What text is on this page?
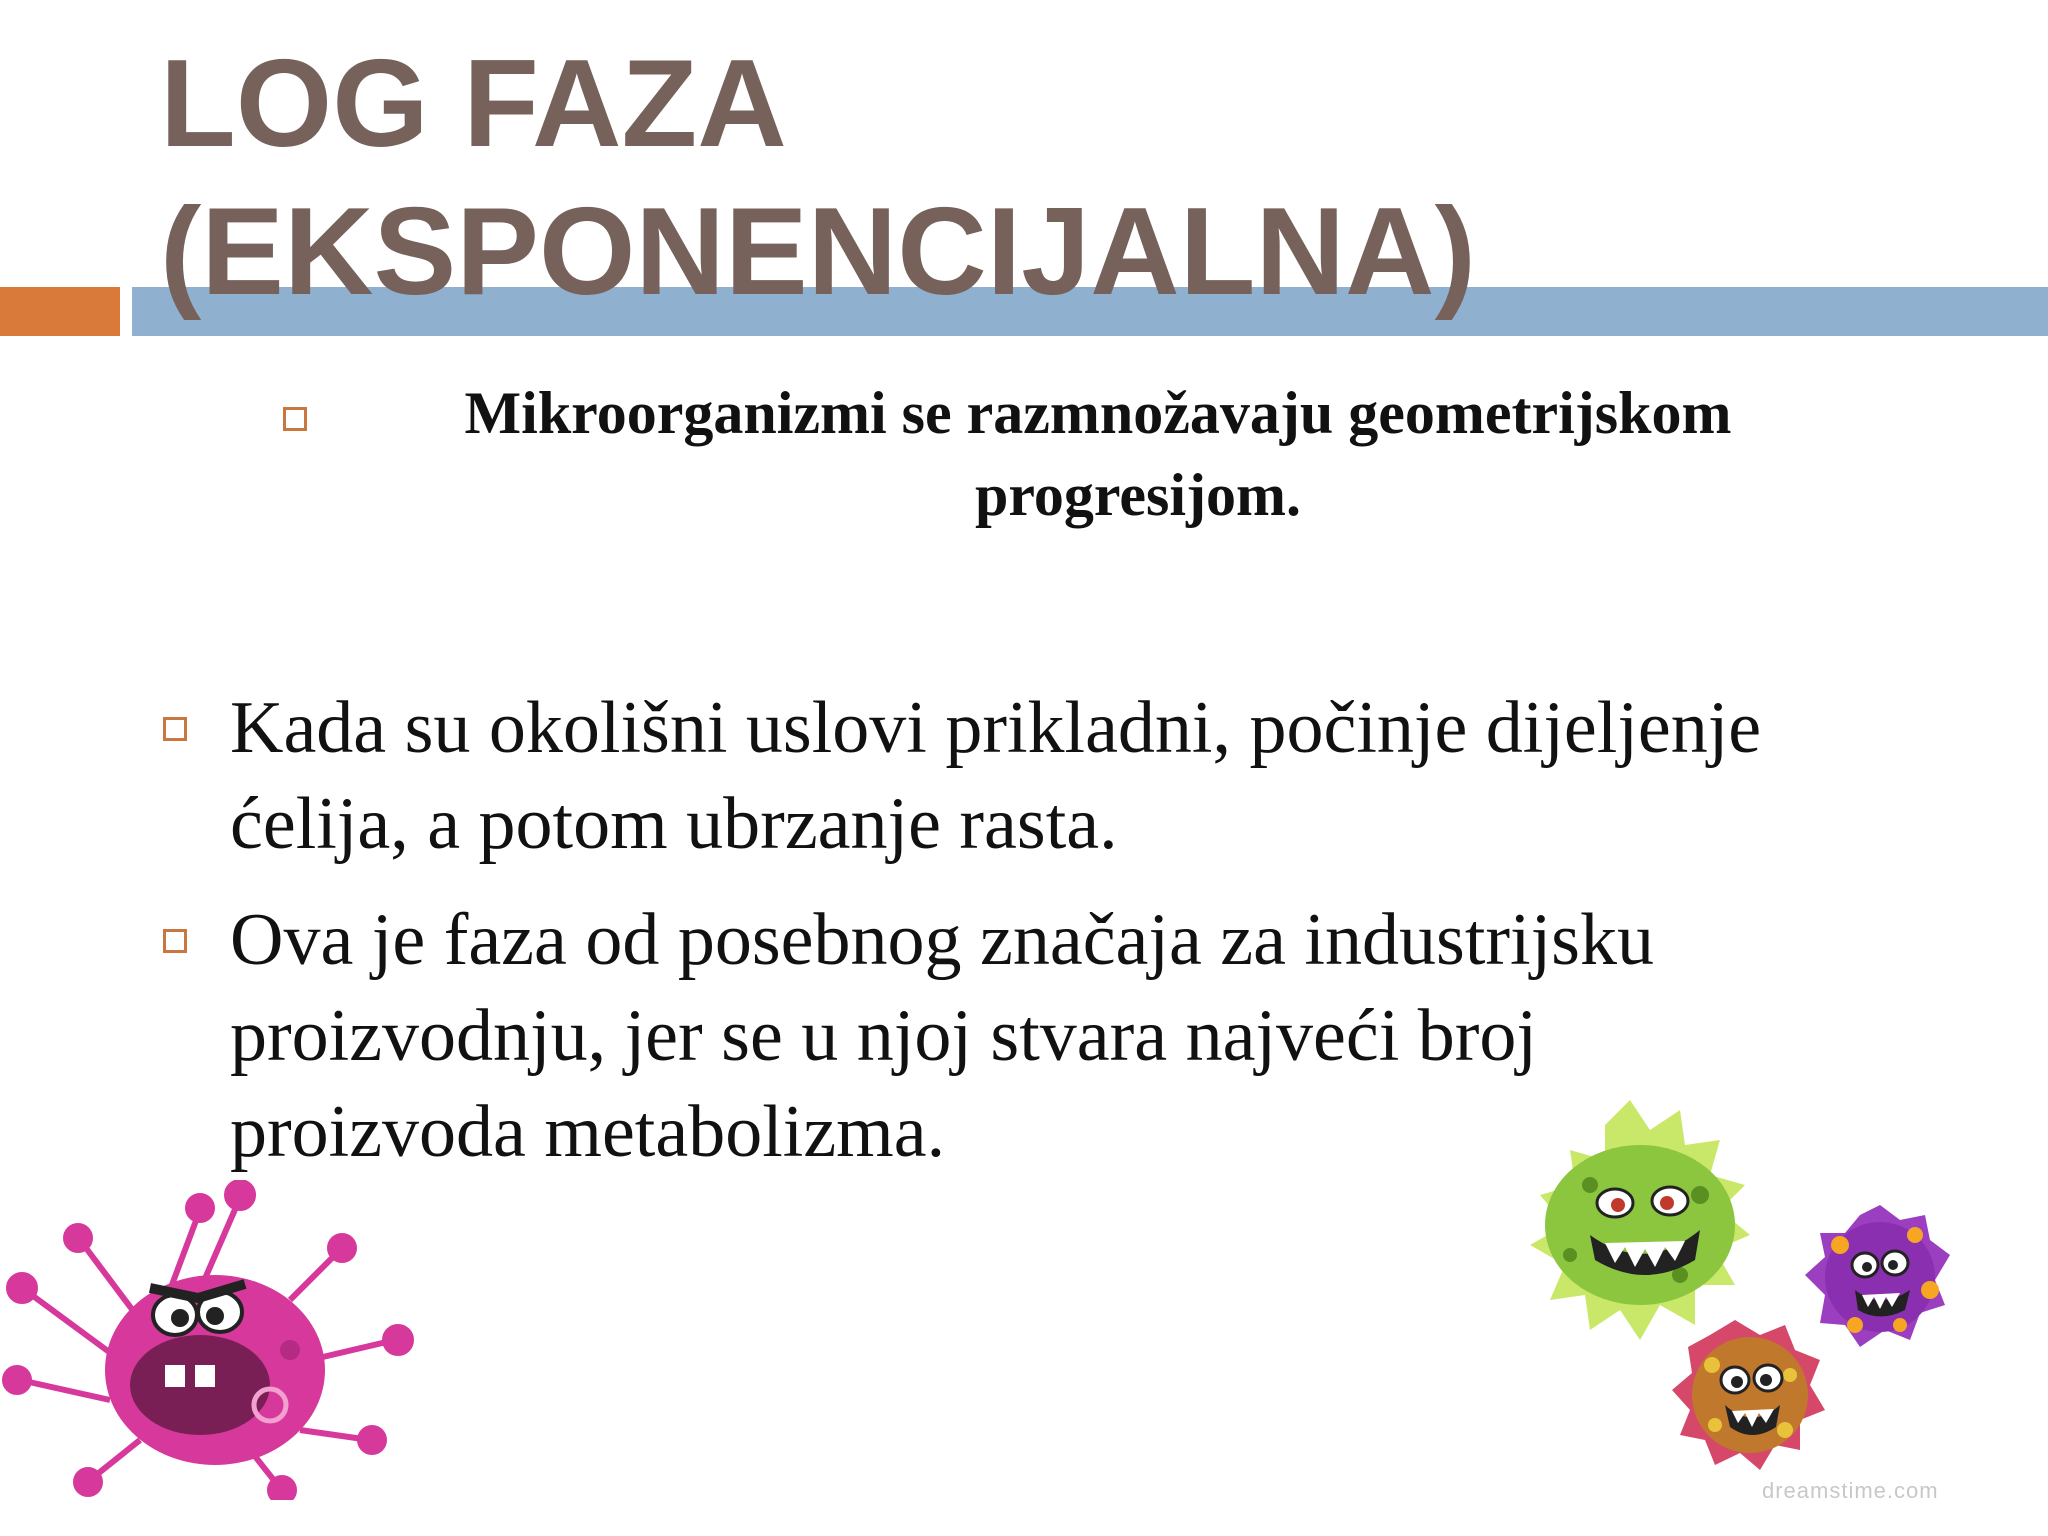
LOG FAZA
(EKSPONENCIJALNA)
Mikroorganizmi se razmnožavaju geometrijskom
progresijom.
Kada su okolišni uslovi prikladni, počinje dijeljenje
ćelija, a potom ubrzanje rasta.
Ova je faza od posebnog značaja za industrijsku
proizvodnju, jer se u njoj stvara najveći broj
proizvoda metabolizma.
dreamstime.com
